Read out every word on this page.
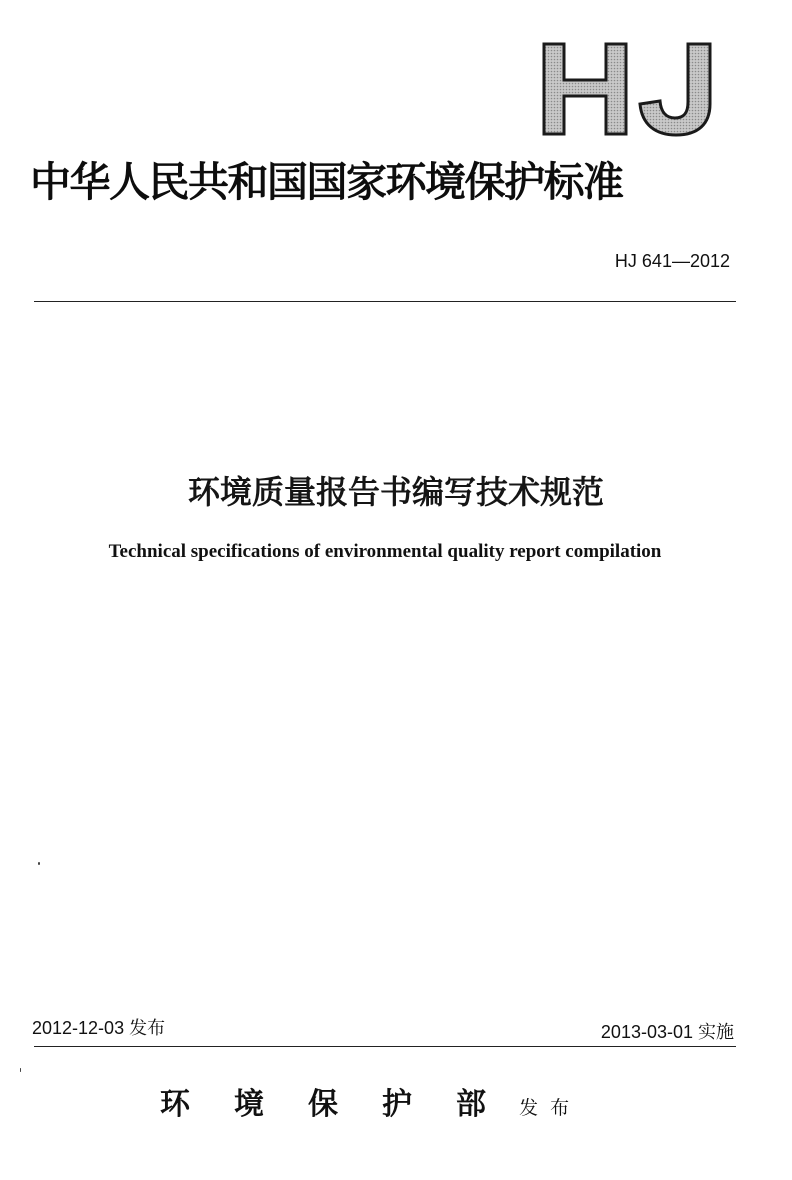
HJ
中华人民共和国国家环境保护标准
HJ 641—2012
环境质量报告书编写技术规范
Technical specifications of environmental quality report compilation
2012-12-03 发布	2013-03-01 实施
环境保护部 发布
